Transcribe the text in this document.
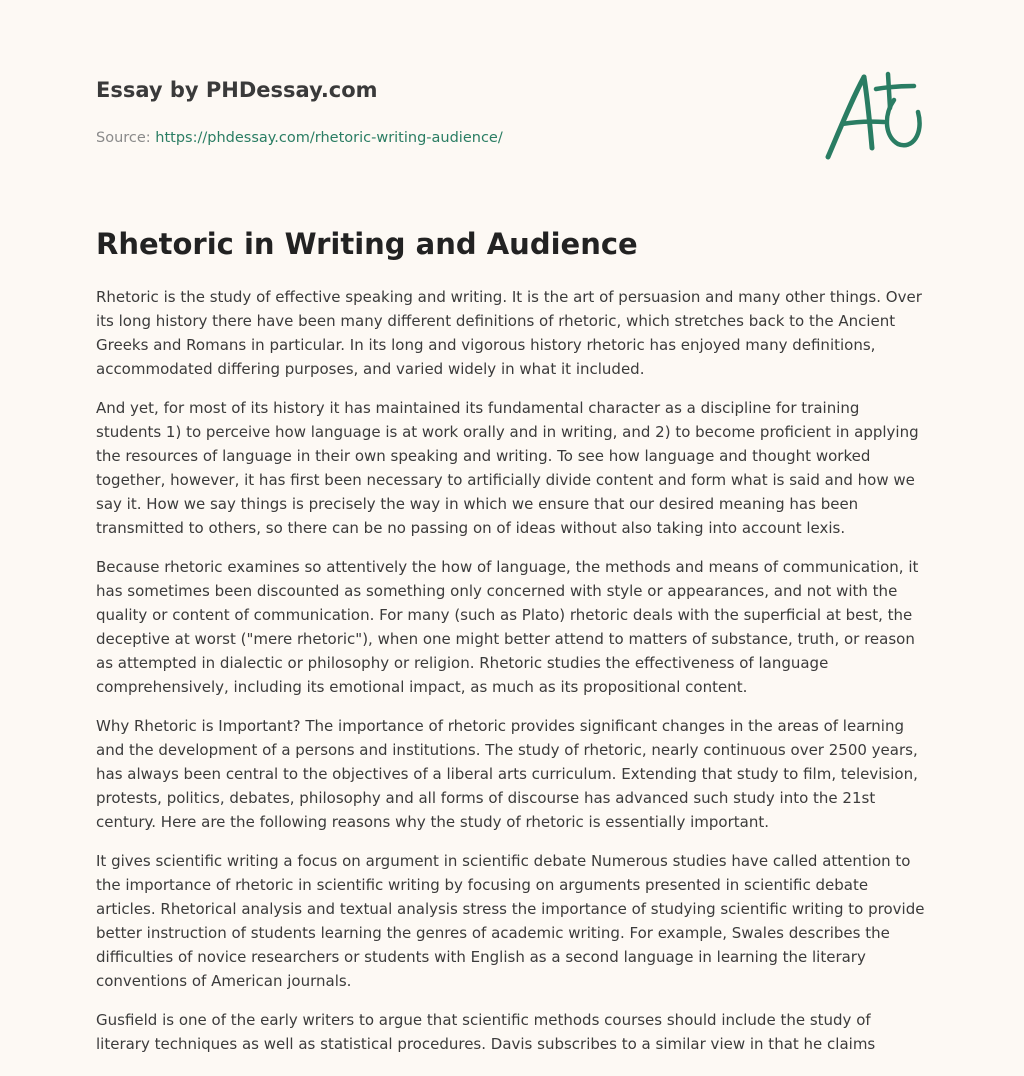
Essay by PHDessay.com
Source: https://phdessay.com/rhetoric-writing-audience/
Rhetoric in Writing and Audience

Rhetoric is the study of effective speaking and writing. It is the art of persuasion and many other things. Over its long history there have been many different definitions of rhetoric, which stretches back to the Ancient Greeks and Romans in particular. In its long and vigorous history rhetoric has enjoyed many definitions, accommodated differing purposes, and varied widely in what it included.

And yet, for most of its history it has maintained its fundamental character as a discipline for training students 1) to perceive how language is at work orally and in writing, and 2) to become proficient in applying the resources of language in their own speaking and writing. To see how language and thought worked together, however, it has first been necessary to artificially divide content and form what is said and how we say it. How we say things is precisely the way in which we ensure that our desired meaning has been transmitted to others, so there can be no passing on of ideas without also taking into account lexis.

Because rhetoric examines so attentively the how of language, the methods and means of communication, it has sometimes been discounted as something only concerned with style or appearances, and not with the quality or content of communication. For many (such as Plato) rhetoric deals with the superficial at best, the deceptive at worst ("mere rhetoric"), when one might better attend to matters of substance, truth, or reason as attempted in dialectic or philosophy or religion. Rhetoric studies the effectiveness of language comprehensively, including its emotional impact, as much as its propositional content.

Why Rhetoric is Important? The importance of rhetoric provides significant changes in the areas of learning and the development of a persons and institutions. The study of rhetoric, nearly continuous over 2500 years, has always been central to the objectives of a liberal arts curriculum. Extending that study to film, television, protests, politics, debates, philosophy and all forms of discourse has advanced such study into the 21st century. Here are the following reasons why the study of rhetoric is essentially important.

It gives scientific writing a focus on argument in scientific debate Numerous studies have called attention to the importance of rhetoric in scientific writing by focusing on arguments presented in scientific debate articles. Rhetorical analysis and textual analysis stress the importance of studying scientific writing to provide better instruction of students learning the genres of academic writing. For example, Swales describes the difficulties of novice researchers or students with English as a second language in learning the literary conventions of American journals.

Gusfield is one of the early writers to argue that scientific methods courses should include the study of literary techniques as well as statistical procedures. Davis subscribes to a similar view in that he claims
